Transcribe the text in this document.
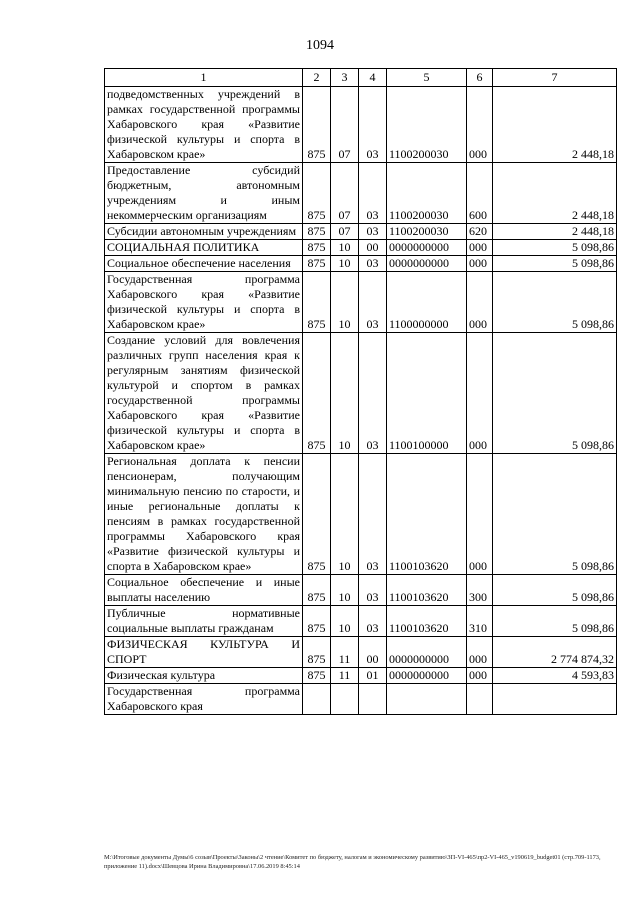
1094
1	2	3	4	5	6	7
подведомственных учреждений в рамках государственной программы Хабаровского края «Развитие физической культуры и спорта в Хабаровском крае»	875	07	03	1100200030	000	2 448,18
Предоставление субсидий бюджетным, автономным учреждениям и иным некоммерческим организациям	875	07	03	1100200030	600	2 448,18
Субсидии автономным учреждениям	875	07	03	1100200030	620	2 448,18
СОЦИАЛЬНАЯ ПОЛИТИКА	875	10	00	0000000000	000	5 098,86
Социальное обеспечение населения	875	10	03	0000000000	000	5 098,86
Государственная программа Хабаровского края «Развитие физической культуры и спорта в Хабаровском крае»	875	10	03	1100000000	000	5 098,86
Создание условий для вовлечения различных групп населения края к регулярным занятиям физической культурой и спортом в рамках государственной программы Хабаровского края «Развитие физической культуры и спорта в Хабаровском крае»	875	10	03	1100100000	000	5 098,86
Региональная доплата к пенсии пенсионерам, получающим минимальную пенсию по старости, и иные региональные доплаты к пенсиям в рамках государственной программы Хабаровского края «Развитие физической культуры и спорта в Хабаровском крае»	875	10	03	1100103620	000	5 098,86
Социальное обеспечение и иные выплаты населению	875	10	03	1100103620	300	5 098,86
Публичные нормативные социальные выплаты гражданам	875	10	03	1100103620	310	5 098,86
ФИЗИЧЕСКАЯ КУЛЬТУРА И СПОРТ	875	11	00	0000000000	000	2 774 874,32
Физическая культура	875	11	01	0000000000	000	4 593,83
Государственная программа Хабаровского края						
М:\Итоговые документы Думы\6 созыв\Проекты\Законы\2 чтение\Комитет по бюджету, налогам и экономическому развитию\ЗП-VI-465\пр2-VI-465_v190619_budget01 (стр.709-1173, приложение 11).docx\Шевцова Ирина Владимировна\17.06.2019 8:45:14
